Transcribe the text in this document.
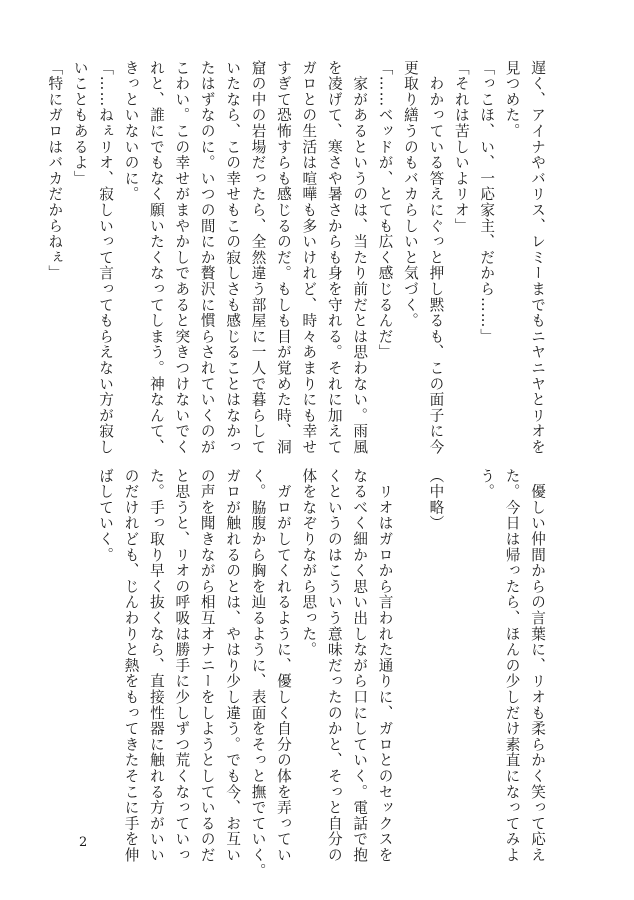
遅く、アイナやバリス、レミーまでもニヤニヤとリオを
見つめた。
「っこほ、い、一応家主、だから……」
「それは苦しいよリオ」
　わかっている答えにぐっと押し黙るも、この面子に今
更取り繕うのもバカらしいと気づく。
「……ベッドが、とても広く感じるんだ」
　家があるというのは、当たり前だとは思わない。雨風
を凌げて、寒さや暑さからも身を守れる。それに加えて
ガロとの生活は喧嘩も多いけれど、時々あまりにも幸せ
すぎて恐怖すらも感じるのだ。もしも目が覚めた時、洞
窟の中の岩場だったら、全然違う部屋に一人で暮らして
いたなら、この幸せもこの寂しさも感じることはなかっ
たはずなのに。いつの間にか贅沢に慣らされていくのが
こわい。この幸せがまやかしであると突きつけないでく
れと、誰にでもなく願いたくなってしまう。神なんて、
きっといないのに。
「……ねぇリオ、寂しいって言ってもらえない方が寂し
いこともあるよ」
「特にガロはバカだからねぇ」
　優しい仲間からの言葉に、リオも柔らかく笑って応え
た。今日は帰ったら、ほんの少しだけ素直になってみよ
う。

（中略）

　リオはガロから言われた通りに、ガロとのセックスを
なるべく細かく思い出しながら口にしていく。電話で抱
くというのはこういう意味だったのかと、そっと自分の
体をなぞりながら思った。
　ガロがしてくれるように、優しく自分の体を弄ってい
く。脇腹から胸を辿るように、表面をそっと撫でていく。
ガロが触れるのとは、やはり少し違う。でも今、お互い
の声を聞きながら相互オナニーをしようとしているのだ
と思うと、リオの呼吸は勝手に少しずつ荒くなっていっ
た。手っ取り早く抜くなら、直接性器に触れる方がいい
のだけれども、じんわりと熱をもってきたそこに手を伸
ばしていく。
2
